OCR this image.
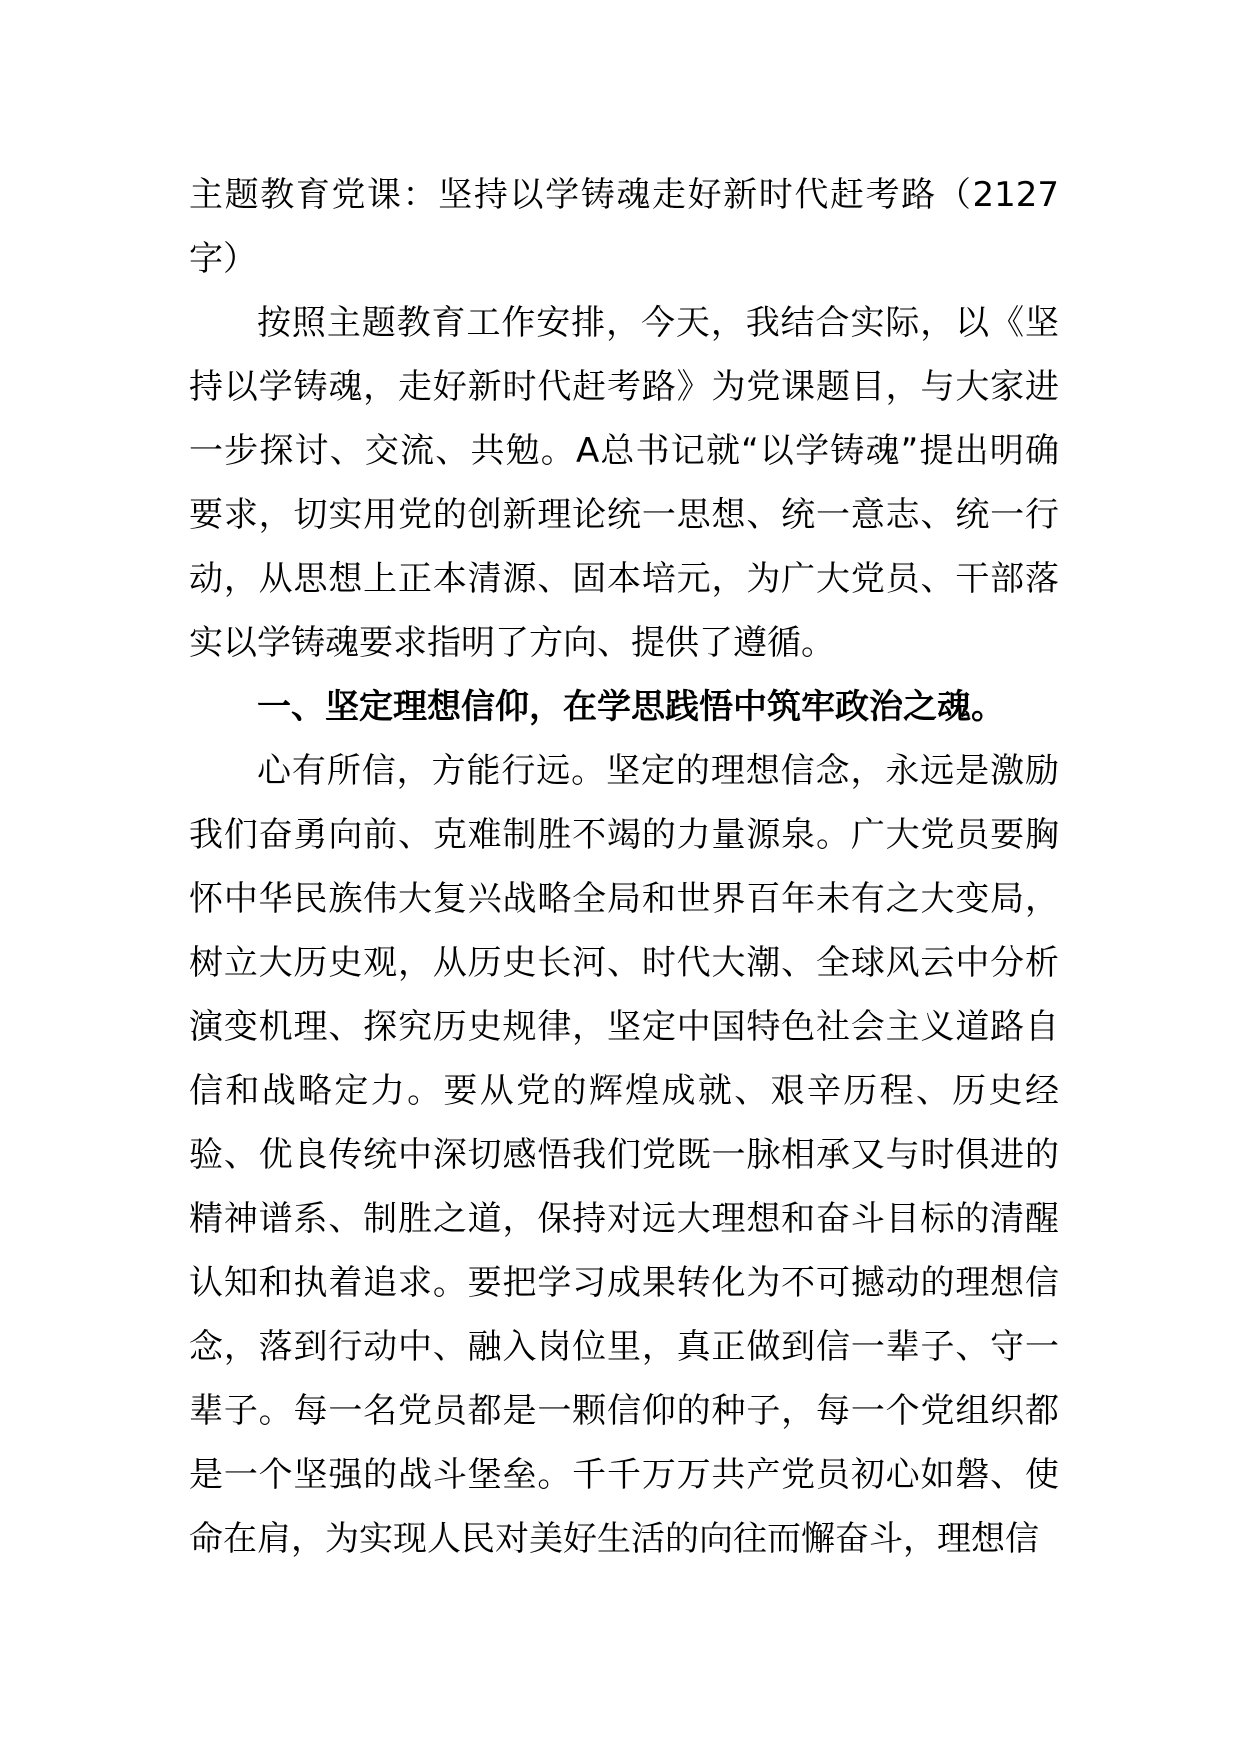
主题教育党课：坚持以学铸魂走好新时代赶考路（2127字）

按照主题教育工作安排，今天，我结合实际，以《坚持以学铸魂，走好新时代赶考路》为党课题目，与大家进一步探讨、交流、共勉。A总书记就“以学铸魂”提出明确要求，切实用党的创新理论统一思想、统一意志、统一行动，从思想上正本清源、固本培元，为广大党员、干部落实以学铸魂要求指明了方向、提供了遵循。

一、坚定理想信仰，在学思践悟中筑牢政治之魂。

心有所信，方能行远。坚定的理想信念，永远是激励我们奋勇向前、克难制胜不竭的力量源泉。广大党员要胸怀中华民族伟大复兴战略全局和世界百年未有之大变局，树立大历史观，从历史长河、时代大潮、全球风云中分析演变机理、探究历史规律，坚定中国特色社会主义道路自信和战略定力。要从党的辉煌成就、艰辛历程、历史经验、优良传统中深切感悟我们党既一脉相承又与时俱进的精神谱系、制胜之道，保持对远大理想和奋斗目标的清醒认知和执着追求。要把学习成果转化为不可撼动的理想信念，落到行动中、融入岗位里，真正做到信一辈子、守一辈子。每一名党员都是一颗信仰的种子，每一个党组织都是一个坚强的战斗堡垒。千千万万共产党员初心如磐、使命在肩，为实现人民对美好生活的向往而懈奋斗，理想信
